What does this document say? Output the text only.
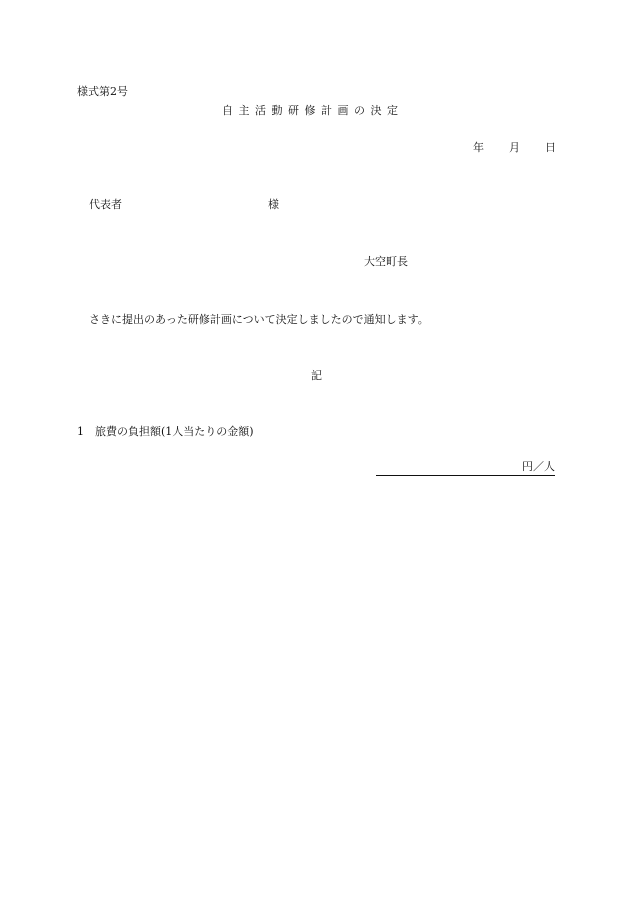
様式第2号
自主活動研修計画の決定
年 月 日
代表者	様
大空町長
さきに提出のあった研修計画について決定しましたので通知します。
記
1　旅費の負担額(1人当たりの金額)
円／人
